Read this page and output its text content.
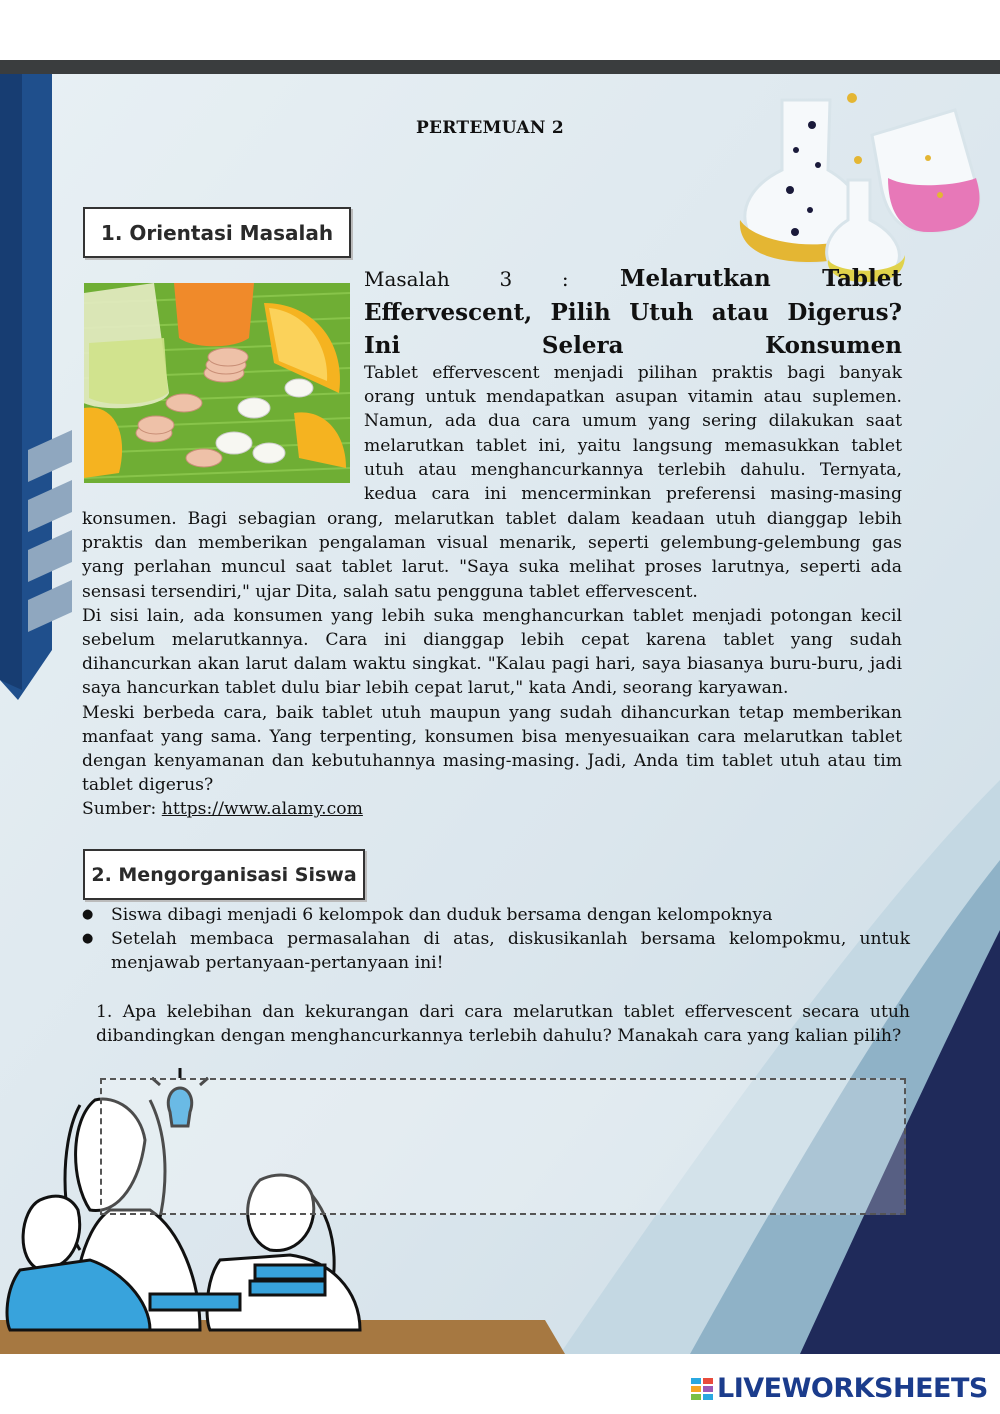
PERTEMUAN 2
1. Orientasi Masalah
Masalah 3 : Melarutkan Tablet Effervescent, Pilih Utuh atau Digerus? Ini Selera Konsumen

Tablet effervescent menjadi pilihan praktis bagi banyak orang untuk mendapatkan asupan vitamin atau suplemen. Namun, ada dua cara umum yang sering dilakukan saat melarutkan tablet ini, yaitu langsung memasukkan tablet utuh atau menghancurkannya terlebih dahulu. Ternyata, kedua cara ini mencerminkan preferensi masing-masing

konsumen. Bagi sebagian orang, melarutkan tablet dalam keadaan utuh dianggap lebih praktis dan memberikan pengalaman visual menarik, seperti gelembung-gelembung gas yang perlahan muncul saat tablet larut. "Saya suka melihat proses larutnya, seperti ada sensasi tersendiri," ujar Dita, salah satu pengguna tablet effervescent.

Di sisi lain, ada konsumen yang lebih suka menghancurkan tablet menjadi potongan kecil sebelum melarutkannya. Cara ini dianggap lebih cepat karena tablet yang sudah dihancurkan akan larut dalam waktu singkat. "Kalau pagi hari, saya biasanya buru-buru, jadi saya hancurkan tablet dulu biar lebih cepat larut," kata Andi, seorang karyawan.

Meski berbeda cara, baik tablet utuh maupun yang sudah dihancurkan tetap memberikan manfaat yang sama. Yang terpenting, konsumen bisa menyesuaikan cara melarutkan tablet dengan kenyamanan dan kebutuhannya masing-masing. Jadi, Anda tim tablet utuh atau tim tablet digerus?

Sumber: https://www.alamy.com

2. Mengorganisasi Siswa
● Siswa dibagi menjadi 6 kelompok dan duduk bersama dengan kelompoknya
● Setelah membaca permasalahan di atas, diskusikanlah bersama kelompokmu, untuk menjawab pertanyaan-pertanyaan ini!
1. Apa kelebihan dan kekurangan dari cara melarutkan tablet effervescent secara utuh dibandingkan dengan menghancurkannya terlebih dahulu? Manakah cara yang kalian pilih?
LIVEWORKSHEETS
